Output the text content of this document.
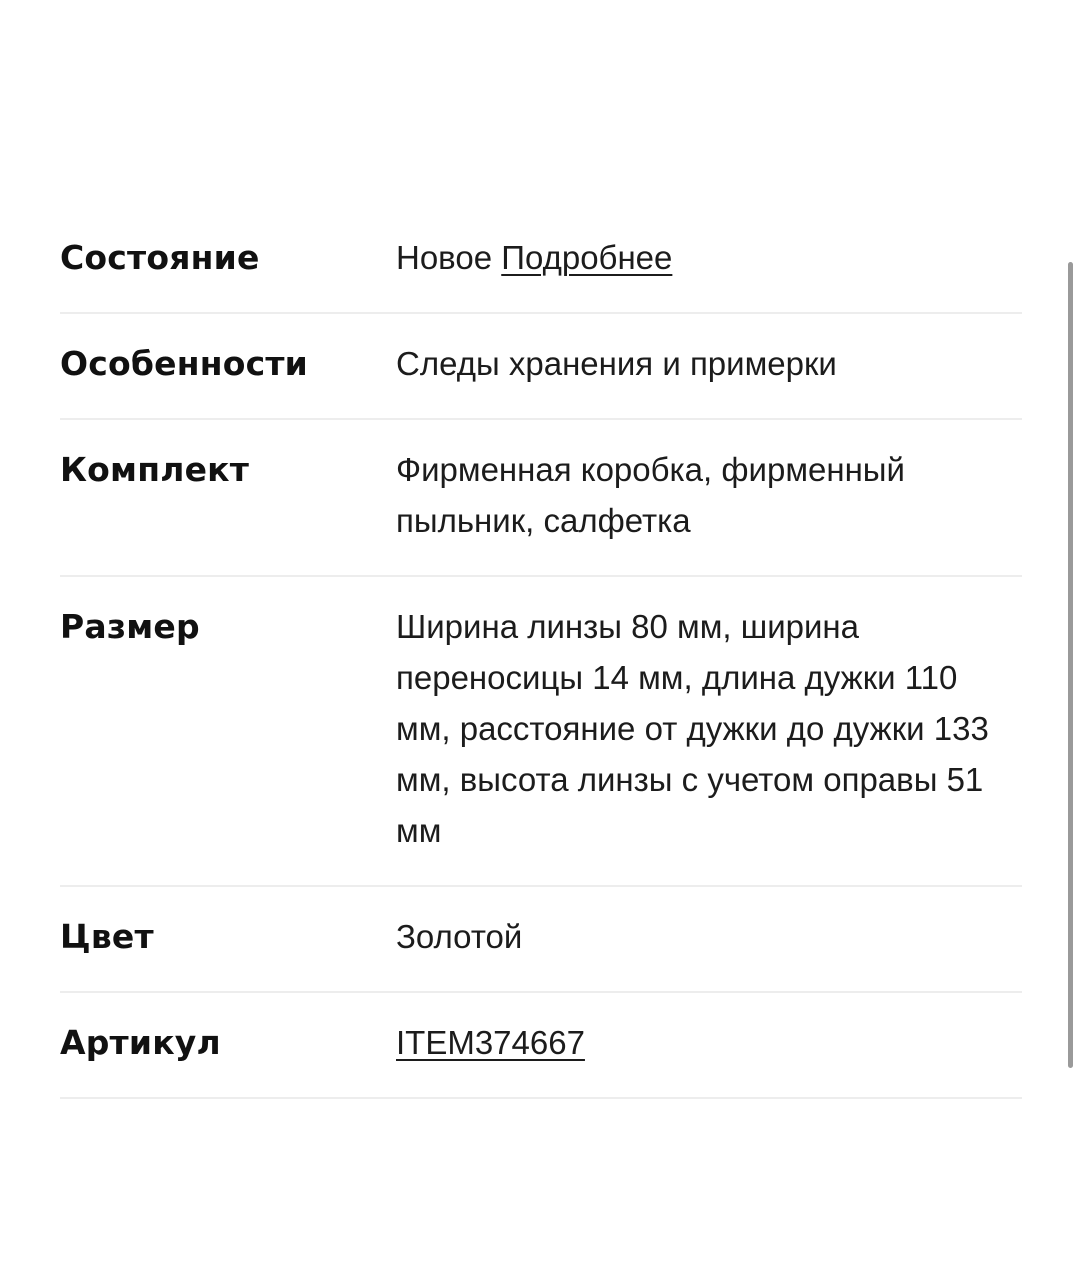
Состояние	Новое Подробнее
Особенности	Следы хранения и примерки
Комплект	Фирменная коробка, фирменный пыльник, салфетка
Размер	Ширина линзы 80 мм, ширина переносицы 14 мм, длина дужки 110 мм, расстояние от дужки до дужки 133 мм, высота линзы с учетом оправы 51 мм
Цвет	Золотой
Артикул	ITEM374667
